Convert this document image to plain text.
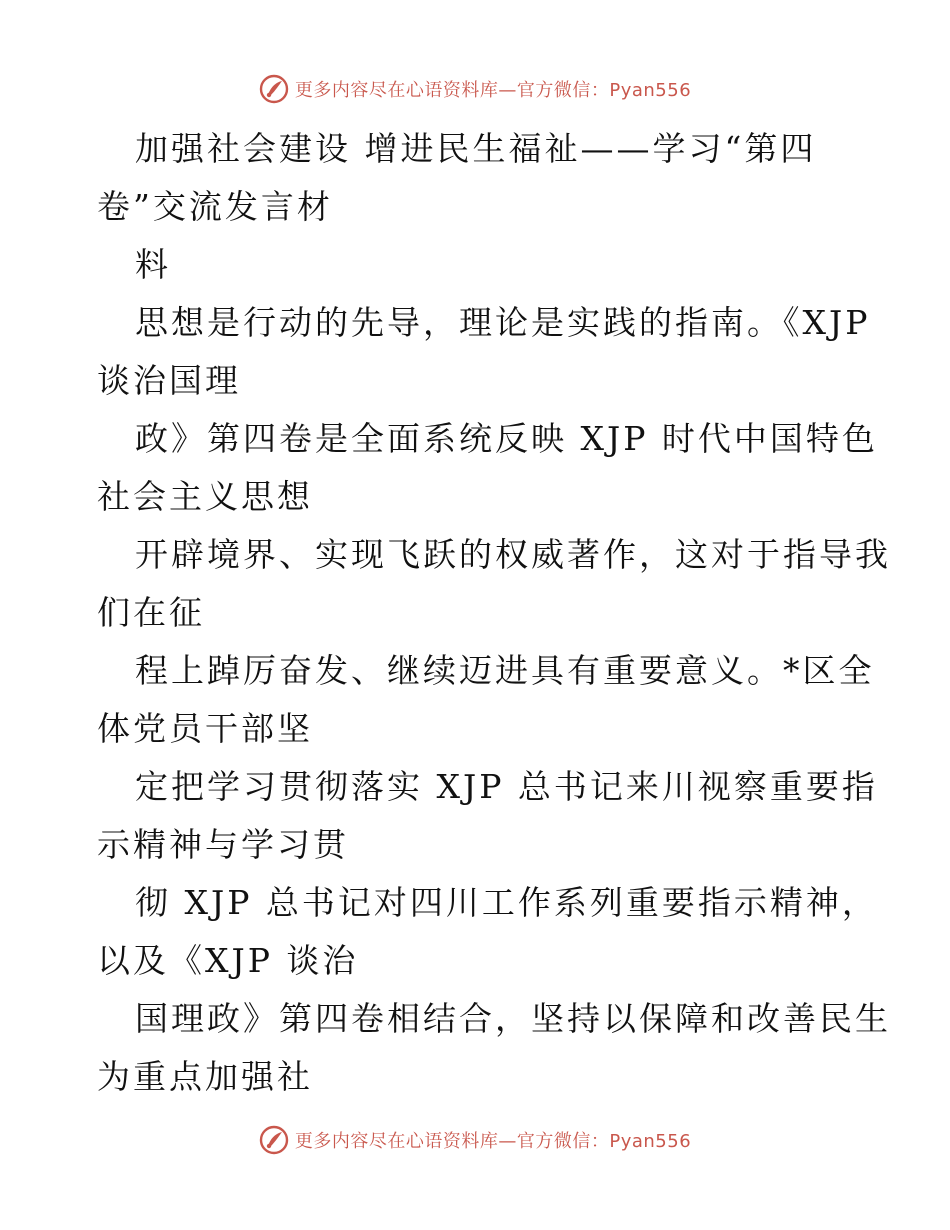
更多内容尽在心语资料库—官方微信：Pyan556
加强社会建设 增进民生福祉——学习“第四
卷”交流发言材
料
思想是行动的先导，理论是实践的指南。《XJP
谈治国理
政》第四卷是全面系统反映 XJP 时代中国特色
社会主义思想
开辟境界、实现飞跃的权威著作，这对于指导我
们在征
程上踔厉奋发、继续迈进具有重要意义。*区全
体党员干部坚
定把学习贯彻落实 XJP 总书记来川视察重要指
示精神与学习贯
彻 XJP 总书记对四川工作系列重要指示精神，
以及《XJP 谈治
国理政》第四卷相结合，坚持以保障和改善民生
为重点加强社
更多内容尽在心语资料库—官方微信：Pyan556
